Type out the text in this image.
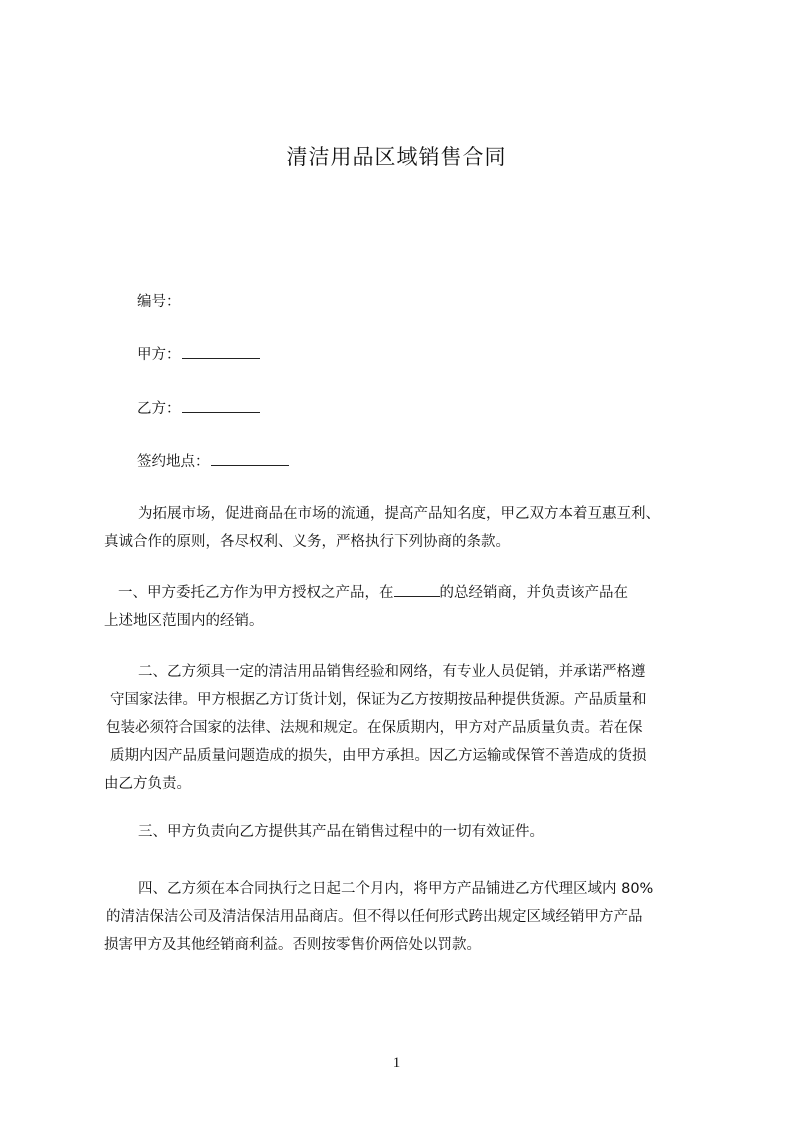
清洁用品区域销售合同
编号：
甲方：
乙方：
签约地点：
为拓展市场，促进商品在市场的流通，提高产品知名度，甲乙双方本着互惠互利、
真诚合作的原则，各尽权利、义务，严格执行下列协商的条款。
一、甲方委托乙方作为甲方授权之产品，在	的总经销商，并负责该产品在
上述地区范围内的经销。
二、乙方须具一定的清洁用品销售经验和网络，有专业人员促销，并承诺严格遵
守国家法律。甲方根据乙方订货计划，保证为乙方按期按品种提供货源。产品质量和
包装必须符合国家的法律、法规和规定。在保质期内，甲方对产品质量负责。若在保
质期内因产品质量问题造成的损失，由甲方承担。因乙方运输或保管不善造成的货损
由乙方负责。
三、甲方负责向乙方提供其产品在销售过程中的一切有效证件。
四、乙方须在本合同执行之日起二个月内，将甲方产品铺进乙方代理区域内 80%
的清洁保洁公司及清洁保洁用品商店。但不得以任何形式跨出规定区域经销甲方产品
损害甲方及其他经销商利益。否则按零售价两倍处以罚款。
1
